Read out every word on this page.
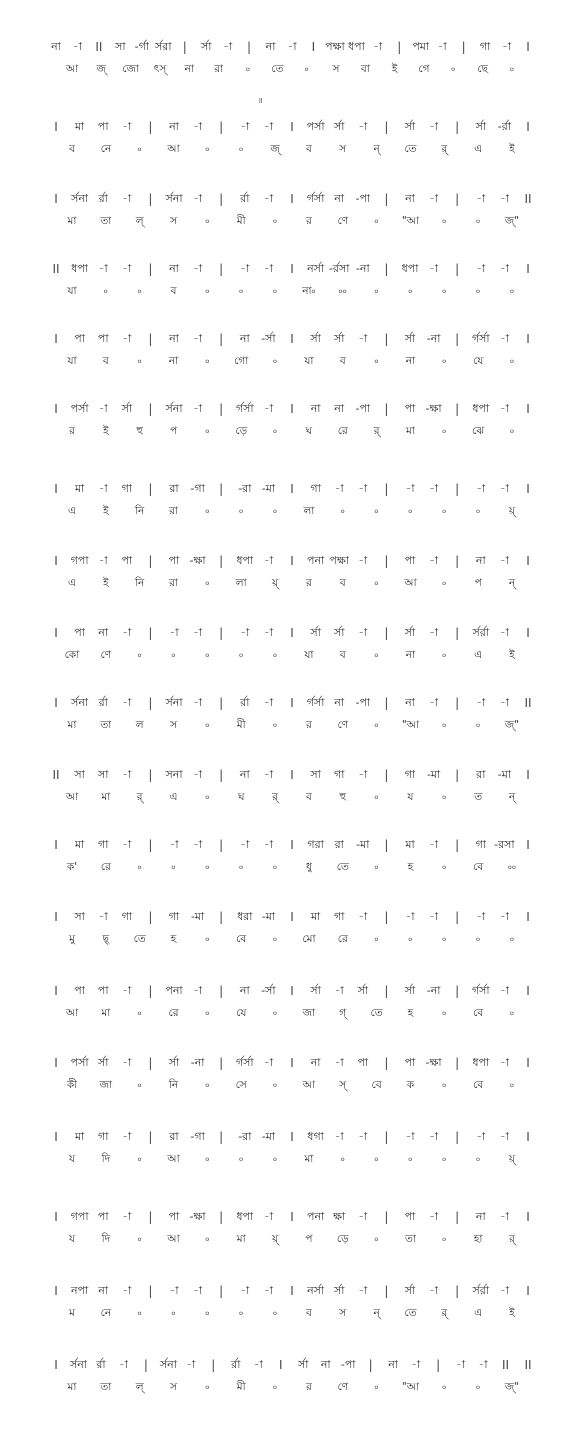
॥
না -া II সা -র্গা র্সরা | র্সা -া | না -া I পক্ষা ধপা -া | পমা -া | গা -া I
আ জ্ জো ৎস্ না রা ৹ তে ৹ স বা ই গে ৹ ছে ৹
I মা পা -া | না -া | -া -া I পর্সা র্সা -া | র্সা -া | র্সা -র্রা I
ব নে	৹ আ ৹	৹	জ্ ব	স	ন্ তে র্	এ	ই
I র্সনা র্রা -া | র্সনা -া | র্রা -া I র্গর্সা না -পা | না -া | -া -া II
মা তা ল্	স	৹	মী	৹	র ণে	৹ "আ ৹	৹ জ্"
II ধপা -া -া | না -া | -া -া I নর্সা -র্রসা -না | ধপা -া | -া -া I
যা	৹	৹	ব	৹	৹	৹ না৹ ৹৹	৹	৹	৹	৹	৹
I পা পা -া | না -া | না -র্সা I র্সা র্সা -া | র্সা -না | র্গর্সা -া I
যা	ব	৹	না	৹ গো ৹	যা	ব	৹	না	৹	যে	৹
I পর্সা -া র্সা | র্সনা -া | র্গর্সা -া I না না -পা | পা -ক্ষা | ধপা -া I
র	ই	হু	প	৹ ড়ে ৹	ঘ রে র্	মা	৹ ঝে ৹
I মা -া গা | রা -গা | -রা -মা I গা -া -া | -া -া | -া -া I
এ	ই	নি রা	৹	৹	৹	লা	৹	৹	৹	৹	৹	য়্
I গপা -া পা | পা -ক্ষা | ধপা -া I পনা পক্ষা -া | পা -া | না -া I
এ	ই	নি রা	৹	লা য়্	র	ব	৹ আ ৹	প	ন্
I পা না -া | -া -া | -া -া I র্সা র্সা -া | র্সা -া | র্সর্রা -া I
কো ণে	৹	৹	৹	৹	৹	যা	ব	৹	না	৹	এ	ই
I র্সনা র্রা -া | র্সনা -া | র্রা -া I র্গর্সা না -পা | না -া | -া -া II
মা তা ল	স	৹	মী	৹	র ণে	৹ "আ ৹	৹ জ্"
II সা সা -া | সনা -া | না -া I সা গা -া | গা -মা | রা -মা I
আ মা	র্	এ	৹	ঘ	র্	ব	হু	৹	য	৹	ত	ন্
I মা গা -া | -া -া | -া -া I গরা রা -মা | মা -া | গা -রসা I
ক' রে	৹	৹	৹	৹	৹	ধু তে ৹	হ	৹	বে ৹৹
I সা -া গা | গা -মা | ধরা -মা I মা গা -া | -া -া | -া -া I
মু	ছ্ তে হ	৹	বে	৹ মো রে	৹	৹	৹	৹	৹
I পা পা -া | পনা -া | না -র্সা I র্সা -া র্সা | র্সা -না | র্গর্সা -া I
আ মা	৹	রে	৹	যে	৹ জা গ্ তে হ	৹	বে	৹
I পর্সা র্সা -া | র্সা -না | র্গর্সা -া I না -া পা | পা -ক্ষা | ধপা -া I
কী জা ৹	নি	৹ সে ৹ আ স্ বে ক	৹	বে	৹
I মা গা -া | রা -গা | -রা -মা I ধগা -া -া | -া -া | -া -া I
য	দি	৹ আ ৹	৹	৹	মা	৹	৹	৹	৹	৹	য়্
I গপা পা -া | পা -ক্ষা | ধপা -া I পনা ক্ষা -া | পা -া | না -া I
য	দি	৹ আ ৹	মা	য়্	প ড়ে ৹	তা	৹	হা	র্
I নপা না -া | -া -া | -া -া I নর্সা র্সা -া | র্সা -া | র্সর্রা -া I
ম নে	৹	৹	৹	৹	৹	ব	স	ন্ তে র্	এ	ই
I র্সনা র্রা -া | র্সনা -া | র্রা -া I র্সা না -পা | না -া | -া -া II II
মা তা ল্	স	৹	মী	৹	র ণে	৹ "আ ৹	৹ জ্"
